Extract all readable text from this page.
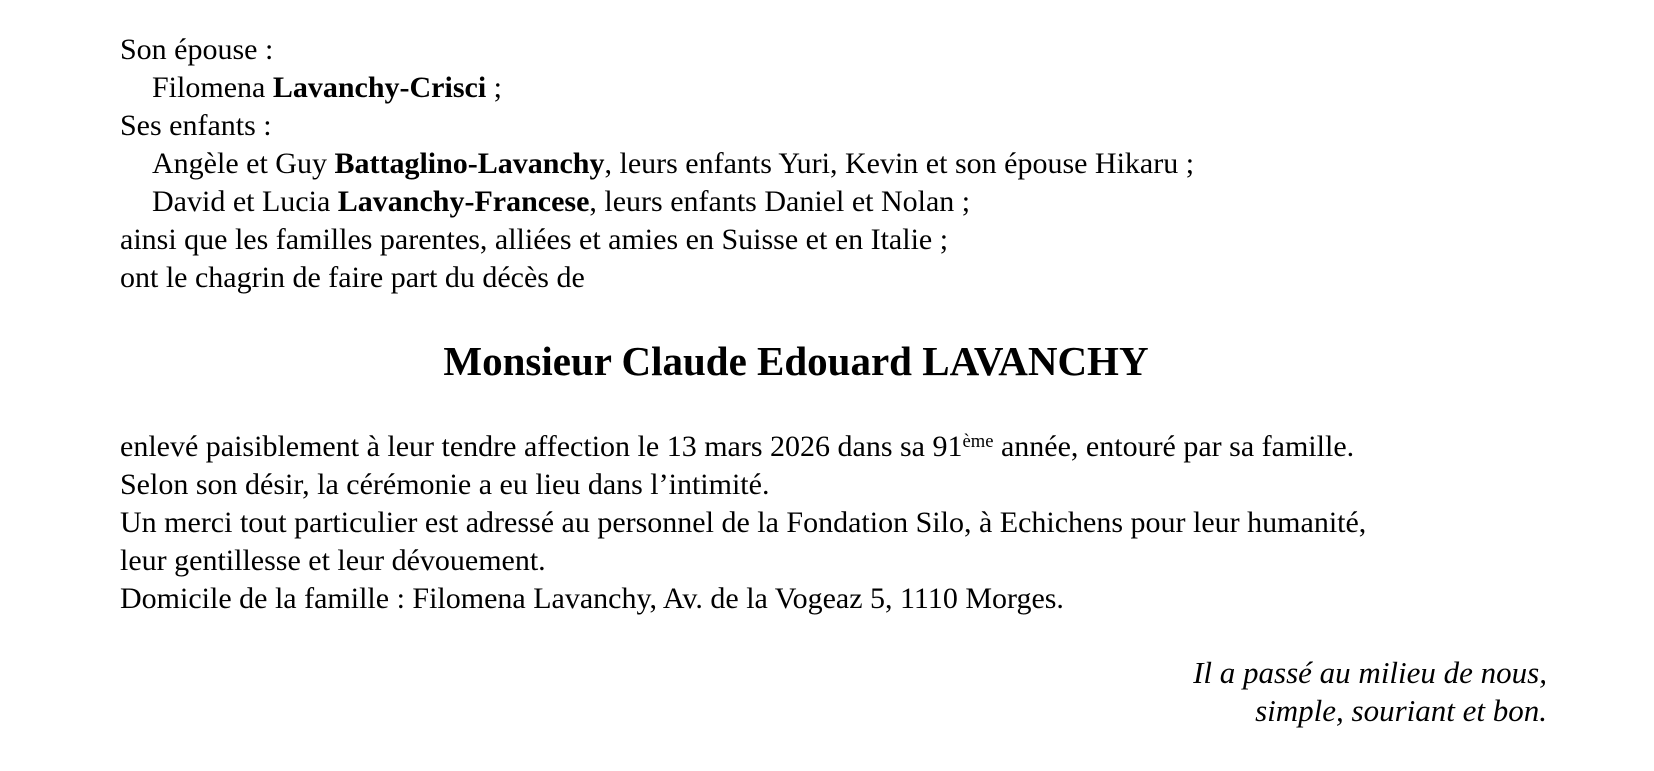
Son épouse :
Filomena Lavanchy-Crisci ;
Ses enfants :
Angèle et Guy Battaglino-Lavanchy, leurs enfants Yuri, Kevin et son épouse Hikaru ;
David et Lucia Lavanchy-Francese, leurs enfants Daniel et Nolan ;
ainsi que les familles parentes, alliées et amies en Suisse et en Italie ;
ont le chagrin de faire part du décès de
Monsieur Claude Edouard LAVANCHY
enlevé paisiblement à leur tendre affection le 13 mars 2026 dans sa 91ème année, entouré par sa famille.
Selon son désir, la cérémonie a eu lieu dans l’intimité.
Un merci tout particulier est adressé au personnel de la Fondation Silo, à Echichens pour leur humanité,
leur gentillesse et leur dévouement.
Domicile de la famille : Filomena Lavanchy, Av. de la Vogeaz 5, 1110 Morges.
Il a passé au milieu de nous,
simple, souriant et bon.
